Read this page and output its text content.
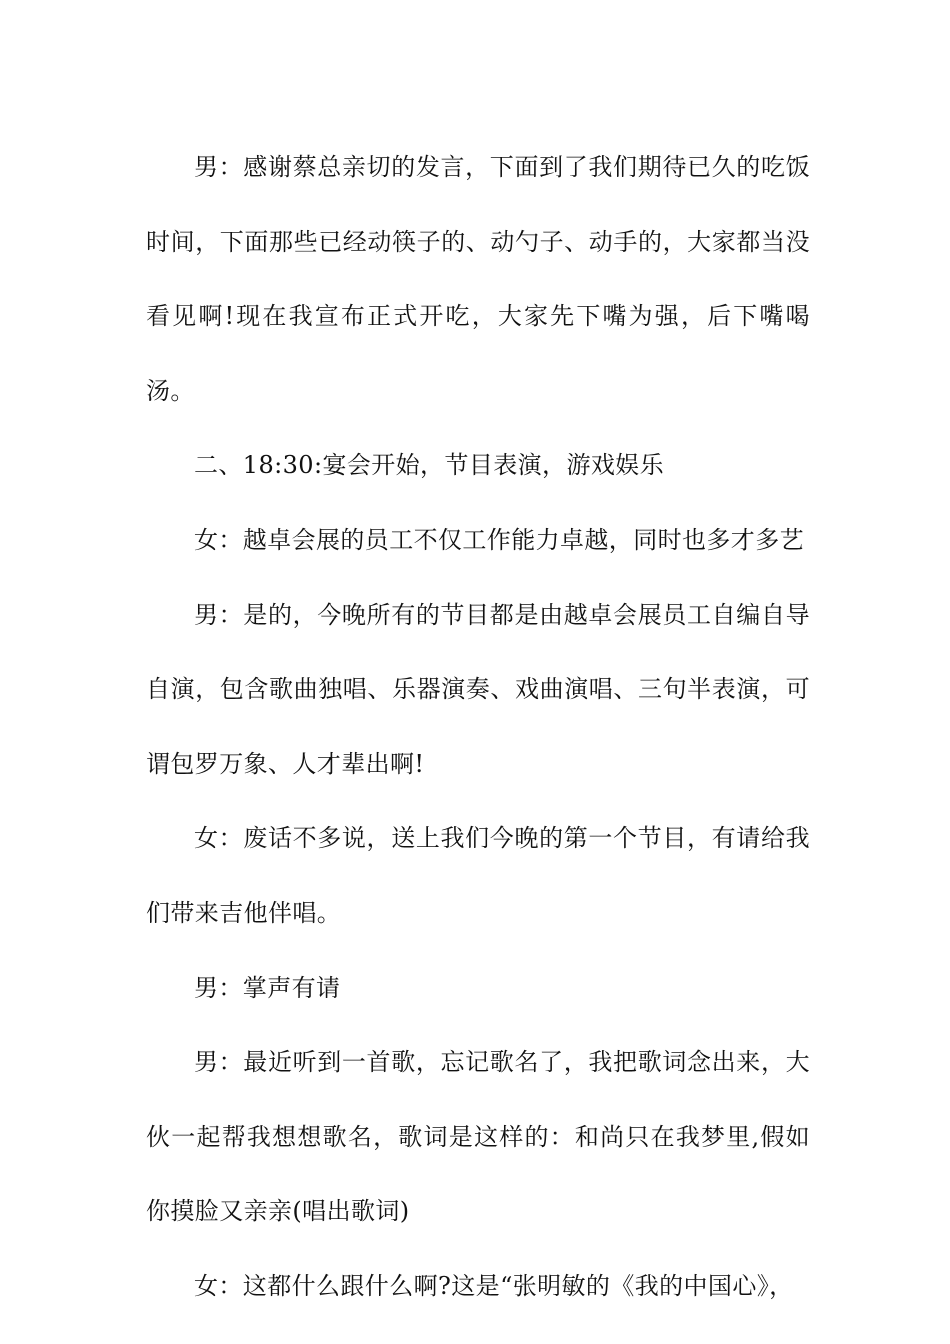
男：感谢蔡总亲切的发言，下面到了我们期待已久的吃饭时间，下面那些已经动筷子的、动勺子、动手的，大家都当没看见啊!现在我宣布正式开吃，大家先下嘴为强，后下嘴喝汤。

二、18:30:宴会开始，节目表演，游戏娱乐

女：越卓会展的员工不仅工作能力卓越，同时也多才多艺

男：是的，今晚所有的节目都是由越卓会展员工自编自导自演，包含歌曲独唱、乐器演奏、戏曲演唱、三句半表演，可谓包罗万象、人才辈出啊!

女：废话不多说，送上我们今晚的第一个节目，有请给我们带来吉他伴唱。

男：掌声有请

男：最近听到一首歌，忘记歌名了，我把歌词念出来，大伙一起帮我想想歌名，歌词是这样的：和尚只在我梦里,假如你摸脸又亲亲(唱出歌词)

女：这都什么跟什么啊?这是“张明敏的《我的中国心》，
